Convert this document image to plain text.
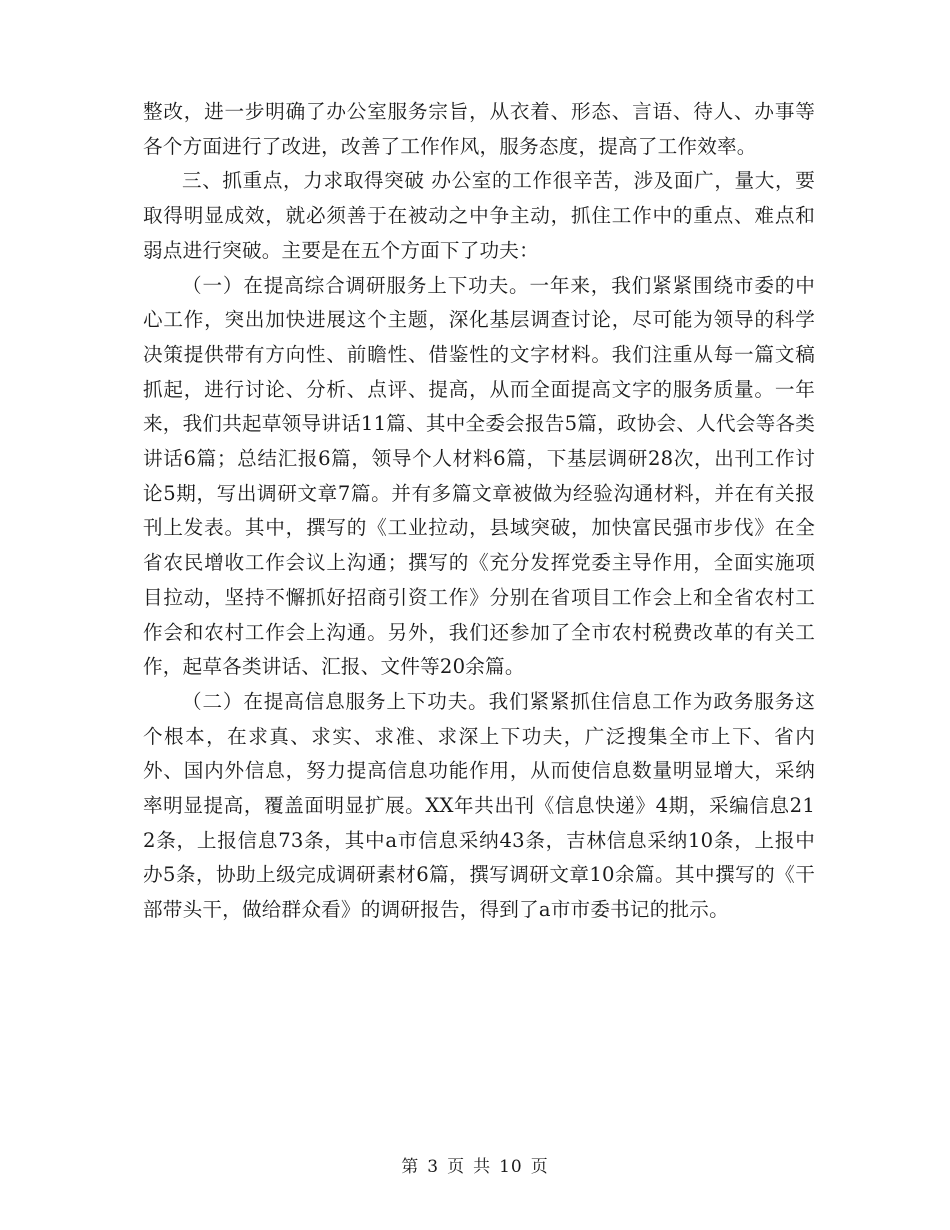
整改，进一步明确了办公室服务宗旨，从衣着、形态、言语、待人、办事等各个方面进行了改进，改善了工作作风，服务态度，提高了工作效率。

三、抓重点，力求取得突破 办公室的工作很辛苦，涉及面广，量大，要取得明显成效，就必须善于在被动之中争主动，抓住工作中的重点、难点和弱点进行突破。主要是在五个方面下了功夫：

（一）在提高综合调研服务上下功夫。一年来，我们紧紧围绕市委的中心工作，突出加快进展这个主题，深化基层调查讨论，尽可能为领导的科学决策提供带有方向性、前瞻性、借鉴性的文字材料。我们注重从每一篇文稿抓起，进行讨论、分析、点评、提高，从而全面提高文字的服务质量。一年来，我们共起草领导讲话11篇、其中全委会报告5篇，政协会、人代会等各类讲话6篇；总结汇报6篇，领导个人材料6篇，下基层调研28次，出刊工作讨论5期，写出调研文章7篇。并有多篇文章被做为经验沟通材料，并在有关报刊上发表。其中，撰写的《工业拉动，县域突破，加快富民强市步伐》在全省农民增收工作会议上沟通；撰写的《充分发挥党委主导作用，全面实施项目拉动，坚持不懈抓好招商引资工作》分别在省项目工作会上和全省农村工作会和农村工作会上沟通。另外，我们还参加了全市农村税费改革的有关工作，起草各类讲话、汇报、文件等20余篇。

（二）在提高信息服务上下功夫。我们紧紧抓住信息工作为政务服务这个根本，在求真、求实、求准、求深上下功夫，广泛搜集全市上下、省内外、国内外信息，努力提高信息功能作用，从而使信息数量明显增大，采纳率明显提高，覆盖面明显扩展。XX年共出刊《信息快递》4期，采编信息212条，上报信息73条，其中a市信息采纳43条，吉林信息采纳10条，上报中办5条，协助上级完成调研素材6篇，撰写调研文章10余篇。其中撰写的《干部带头干，做给群众看》的调研报告，得到了a市市委书记的批示。

第 3 页 共 10 页
